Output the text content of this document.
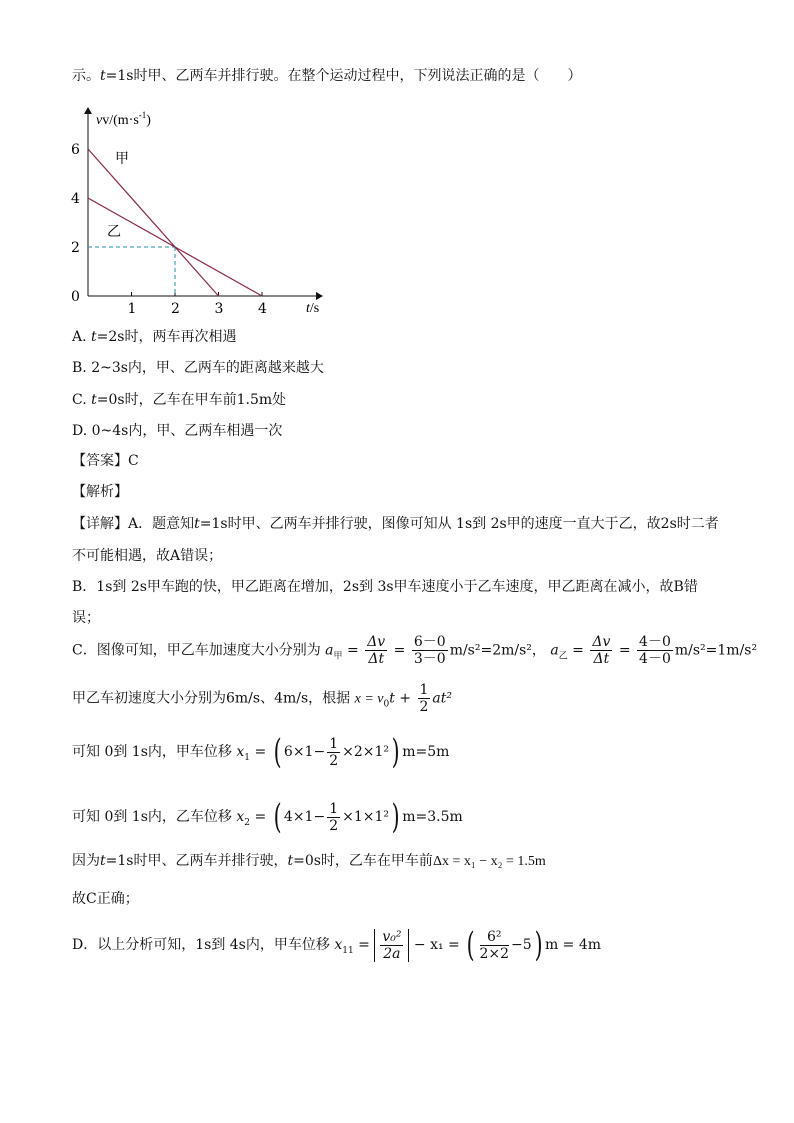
示。t=1s时甲、乙两车并排行驶。在整个运动过程中，下列说法正确的是（　　）
$vv/(m\cdot s^{-1})$
t/s
1 2 3 4
0
2
4
6
甲
乙
A. t=2s时，两车再次相遇
B. 2~3s内，甲、乙两车的距离越来越大
C. t=0s时，乙车在甲车前1.5m处
D. 0~4s内，甲、乙两车相遇一次
【答案】C
【解析】
【详解】A．题意知t=1s时甲、乙两车并排行驶，图像可知从 1s到 2s甲的速度一直大于乙，故2s时二者
不可能相遇，故A错误；
B．1s到 2s甲车跑的快，甲乙距离在增加，2s到 3s甲车速度小于乙车速度，甲乙距离在减小，故B错
误；
C．图像可知，甲乙车加速度大小分别为 $a_甲 = \frac{\Delta v}{\Delta t} = \frac{6-0}{3-0} m/s^2=2m/s^2$， $a_乙 = \frac{\Delta v}{\Delta t} = \frac{4-0}{4-0} m/s^2=1m/s^2$
甲乙车初速度大小分别为6m/s、4m/s，根据 $x = v_0t + \frac{1}{2} at^2$
可知 0到 1s内，甲车位移 $x_1$ = ( $6\times 1- \frac{1}{2} \times 2\times 1^2$) m=5m
可知 0到 1s内，乙车位移 $x_2$ = ( $4\times 1- \frac{1}{2} \times 1\times 1^2$) m=3.5m
因为t=1s时甲、乙两车并排行驶，t=0s时，乙车在甲车前Δx = x₁ − x₂ = 1.5m
故C正确；
D．以上分析可知，1s到 4s内，甲车位移 $x_{11} = \frac{\text{v₀²}}{2a} - x_1$ = ( $\frac{\text{6²}}{2\times 2} -5$) m = 4m
